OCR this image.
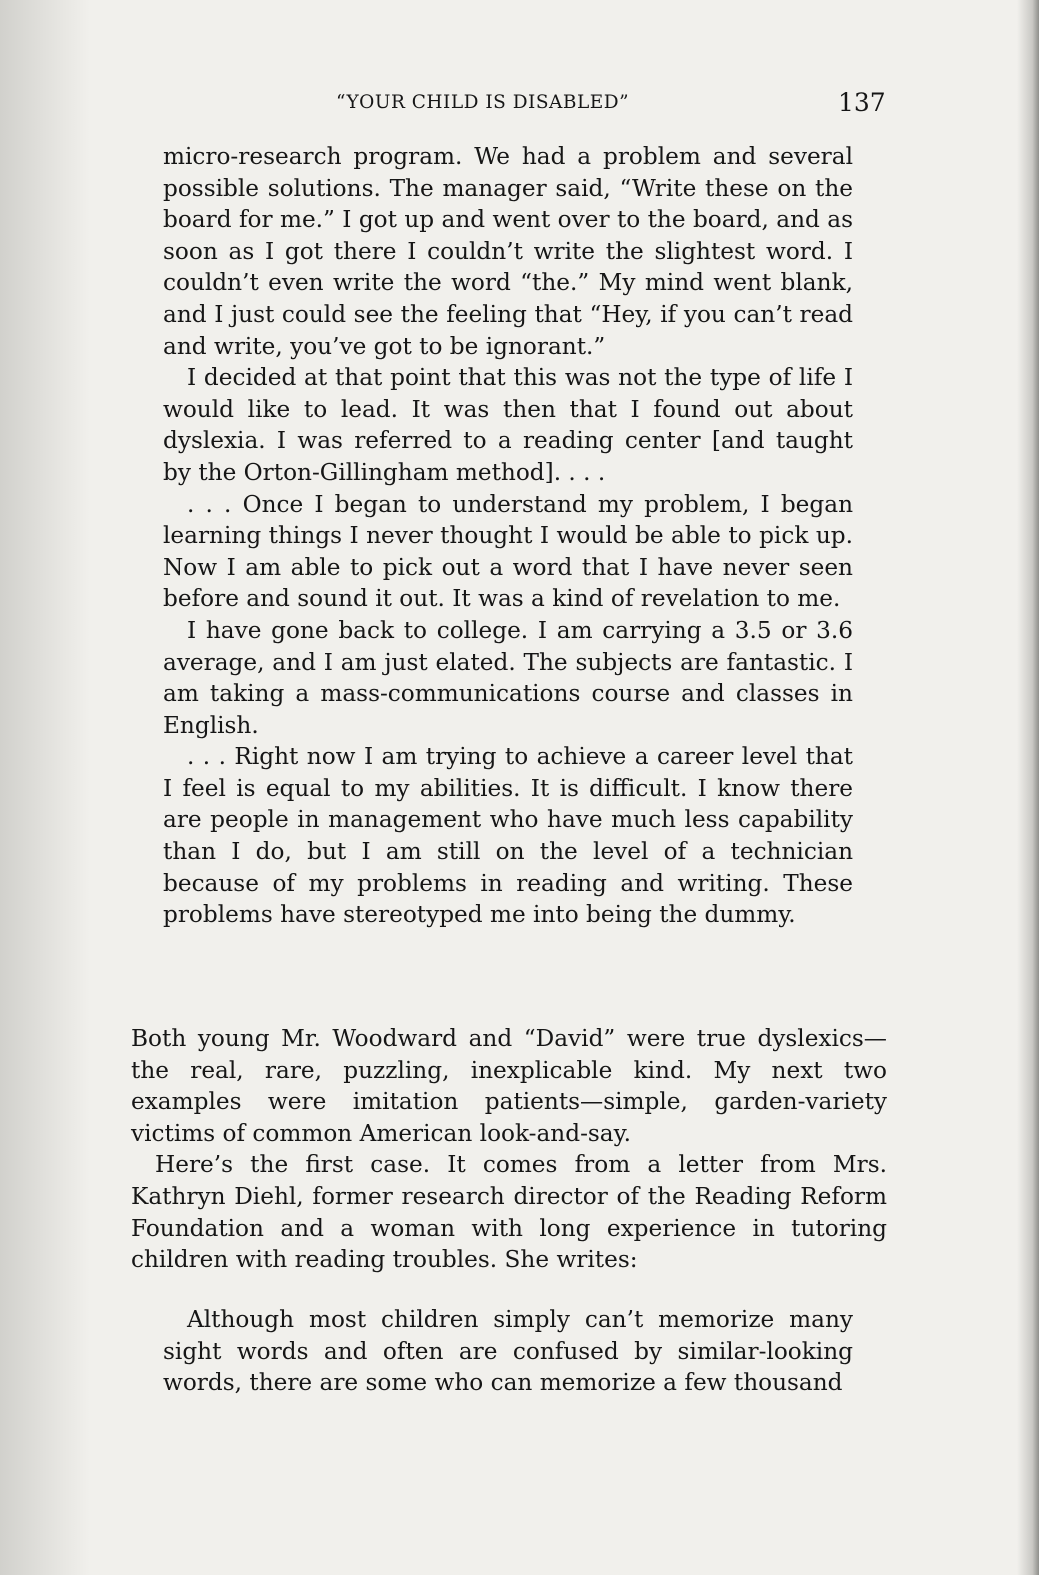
“YOUR CHILD IS DISABLED”	137

micro-research program. We had a problem and several possible solutions. The manager said, “Write these on the board for me.” I got up and went over to the board, and as soon as I got there I couldn’t write the slightest word. I couldn’t even write the word “the.” My mind went blank, and I just could see the feeling that “Hey, if you can’t read and write, you’ve got to be ignorant.”

I decided at that point that this was not the type of life I would like to lead. It was then that I found out about dyslexia. I was referred to a reading center [and taught by the Orton-Gillingham method]. . . .

. . . Once I began to understand my problem, I began learning things I never thought I would be able to pick up. Now I am able to pick out a word that I have never seen before and sound it out. It was a kind of revelation to me.

I have gone back to college. I am carrying a 3.5 or 3.6 average, and I am just elated. The subjects are fantastic. I am taking a mass-communications course and classes in English.

. . . Right now I am trying to achieve a career level that I feel is equal to my abilities. It is difficult. I know there are people in management who have much less capability than I do, but I am still on the level of a technician because of my problems in reading and writing. These problems have stereotyped me into being the dummy.

Both young Mr. Woodward and “David” were true dyslexics—the real, rare, puzzling, inexplicable kind. My next two examples were imitation patients—simple, garden-variety victims of common American look-and-say.

Here’s the first case. It comes from a letter from Mrs. Kathryn Diehl, former research director of the Reading Reform Foundation and a woman with long experience in tutoring children with reading troubles. She writes:

Although most children simply can’t memorize many sight words and often are confused by similar-looking words, there are some who can memorize a few thousand
